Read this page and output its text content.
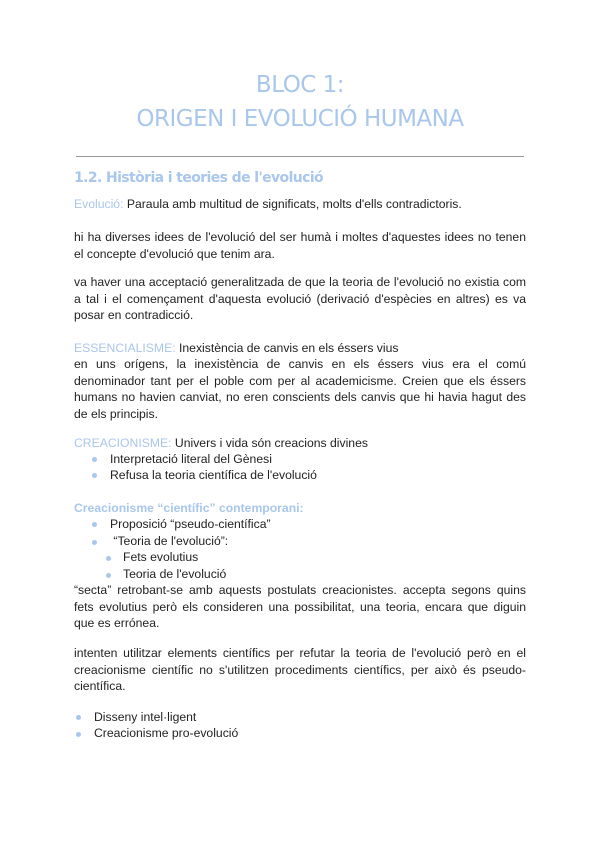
BLOC 1:
ORIGEN I EVOLUCIÓ HUMANA
1.2. Història i teories de l'evolució
Evolució: Paraula amb multitud de significats, molts d'ells contradictoris.
hi ha diverses idees de l'evolució del ser humà i moltes d'aquestes idees no tenen el concepte d'evolució que tenim ara.
va haver una acceptació generalitzada de que la teoria de l'evolució no existia com a tal i el començament d'aquesta evolució (derivació d'espècies en altres) es va posar en contradicció.
ESSENCIALISME: Inexistència de canvis en els éssers vius
en uns orígens, la inexistència de canvis en els éssers vius era el comú denominador tant per el poble com per al academicisme. Creien que els éssers humans no havien canviat, no eren conscients dels canvis que hi havia hagut des de els principis.
CREACIONISME: Univers i vida són creacions divines
Interpretació literal del Gènesi
Refusa la teoria científica de l'evolució
Creacionisme “científic” contemporani:
Proposició “pseudo-científica”
“Teoria de l'evolució”:
Fets evolutius
Teoria de l'evolució
“secta” retrobant-se amb aquests postulats creacionistes. accepta segons quins fets evolutius però els consideren una possibilitat, una teoria, encara que diguin que es errónea.
intenten utilitzar elements científics per refutar la teoria de l'evolució però en el creacionisme científic no s'utilitzen procediments científics, per això és pseudo-científica.
Disseny intel·ligent
Creacionisme pro-evolució
